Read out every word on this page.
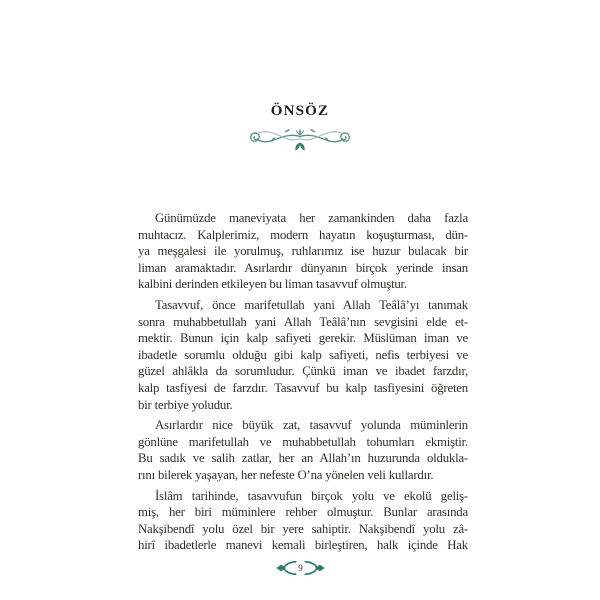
ÖNSÖZ
Günümüzde maneviyata her zamankinden daha fazla
muhtacız. Kalplerimiz, modern hayatın koşuşturması, dün-
ya meşgalesi ile yorulmuş, ruhlarımız ise huzur bulacak bir
liman aramaktadır. Asırlardır dünyanın birçok yerinde insan
kalbini derinden etkileyen bu liman tasavvuf olmuştur.
Tasavvuf, önce marifetullah yani Allah Teâlâ’yı tanımak
sonra muhabbetullah yani Allah Teâlâ’nın sevgisini elde et-
mektir. Bunun için kalp safiyeti gerekir. Müslüman iman ve
ibadetle sorumlu olduğu gibi kalp safiyeti, nefis terbiyesi ve
güzel ahlâkla da sorumludur. Çünkü iman ve ibadet farzdır,
kalp tasfiyesi de farzdır. Tasavvuf bu kalp tasfiyesini öğreten
bir terbiye yoludur.
Asırlardır nice büyük zat, tasavvuf yolunda müminlerin
gönlüne marifetullah ve muhabbetullah tohumları ekmiştir.
Bu sadık ve salih zatlar, her an Allah’ın huzurunda oldukla-
rını bilerek yaşayan, her nefeste O’na yönelen veli kullardır.
İslâm tarihinde, tasavvufun birçok yolu ve ekolü geliş-
miş, her biri müminlere rehber olmuştur. Bunlar arasında
Nakşibendî yolu özel bir yere sahiptir. Nakşibendî yolu zâ-
hirî ibadetlerle manevi kemali birleştiren, halk içinde Hak
9
